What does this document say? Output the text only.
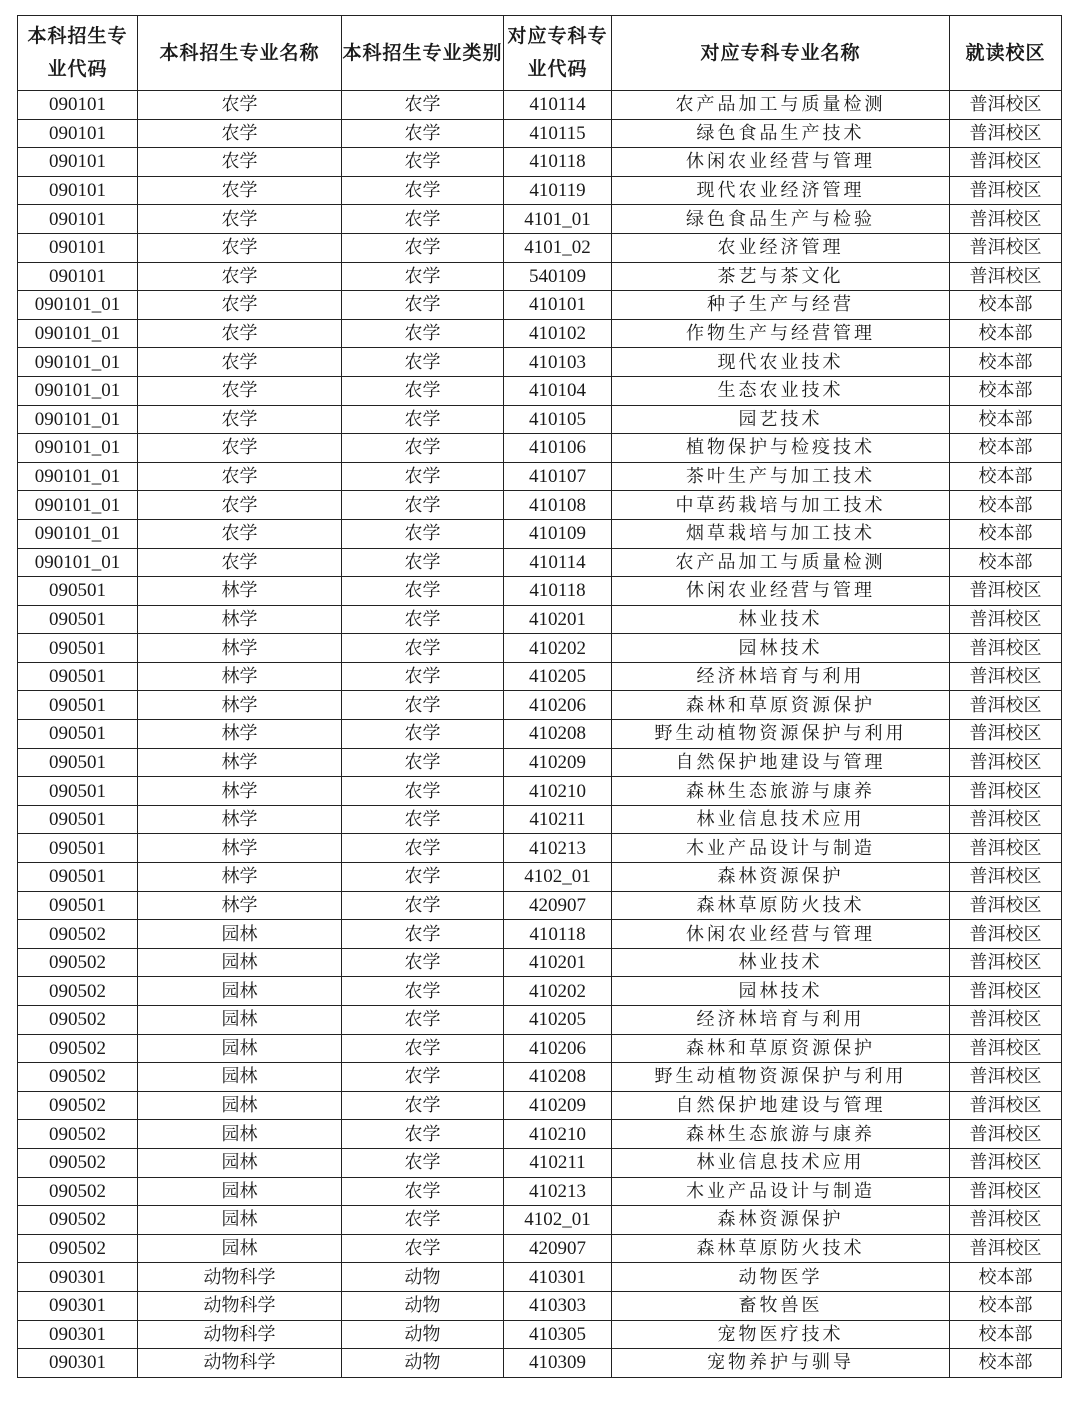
本科招生专业代码	本科招生专业名称	本科招生专业类别	对应专科专业代码	对应专科专业名称	就读校区
090101	农学	农学	410114	农产品加工与质量检测	普洱校区
090101	农学	农学	410115	绿色食品生产技术	普洱校区
090101	农学	农学	410118	休闲农业经营与管理	普洱校区
090101	农学	农学	410119	现代农业经济管理	普洱校区
090101	农学	农学	4101_01	绿色食品生产与检验	普洱校区
090101	农学	农学	4101_02	农业经济管理	普洱校区
090101	农学	农学	540109	茶艺与茶文化	普洱校区
090101_01	农学	农学	410101	种子生产与经营	校本部
090101_01	农学	农学	410102	作物生产与经营管理	校本部
090101_01	农学	农学	410103	现代农业技术	校本部
090101_01	农学	农学	410104	生态农业技术	校本部
090101_01	农学	农学	410105	园艺技术	校本部
090101_01	农学	农学	410106	植物保护与检疫技术	校本部
090101_01	农学	农学	410107	茶叶生产与加工技术	校本部
090101_01	农学	农学	410108	中草药栽培与加工技术	校本部
090101_01	农学	农学	410109	烟草栽培与加工技术	校本部
090101_01	农学	农学	410114	农产品加工与质量检测	校本部
090501	林学	农学	410118	休闲农业经营与管理	普洱校区
090501	林学	农学	410201	林业技术	普洱校区
090501	林学	农学	410202	园林技术	普洱校区
090501	林学	农学	410205	经济林培育与利用	普洱校区
090501	林学	农学	410206	森林和草原资源保护	普洱校区
090501	林学	农学	410208	野生动植物资源保护与利用	普洱校区
090501	林学	农学	410209	自然保护地建设与管理	普洱校区
090501	林学	农学	410210	森林生态旅游与康养	普洱校区
090501	林学	农学	410211	林业信息技术应用	普洱校区
090501	林学	农学	410213	木业产品设计与制造	普洱校区
090501	林学	农学	4102_01	森林资源保护	普洱校区
090501	林学	农学	420907	森林草原防火技术	普洱校区
090502	园林	农学	410118	休闲农业经营与管理	普洱校区
090502	园林	农学	410201	林业技术	普洱校区
090502	园林	农学	410202	园林技术	普洱校区
090502	园林	农学	410205	经济林培育与利用	普洱校区
090502	园林	农学	410206	森林和草原资源保护	普洱校区
090502	园林	农学	410208	野生动植物资源保护与利用	普洱校区
090502	园林	农学	410209	自然保护地建设与管理	普洱校区
090502	园林	农学	410210	森林生态旅游与康养	普洱校区
090502	园林	农学	410211	林业信息技术应用	普洱校区
090502	园林	农学	410213	木业产品设计与制造	普洱校区
090502	园林	农学	4102_01	森林资源保护	普洱校区
090502	园林	农学	420907	森林草原防火技术	普洱校区
090301	动物科学	动物	410301	动物医学	校本部
090301	动物科学	动物	410303	畜牧兽医	校本部
090301	动物科学	动物	410305	宠物医疗技术	校本部
090301	动物科学	动物	410309	宠物养护与驯导	校本部
